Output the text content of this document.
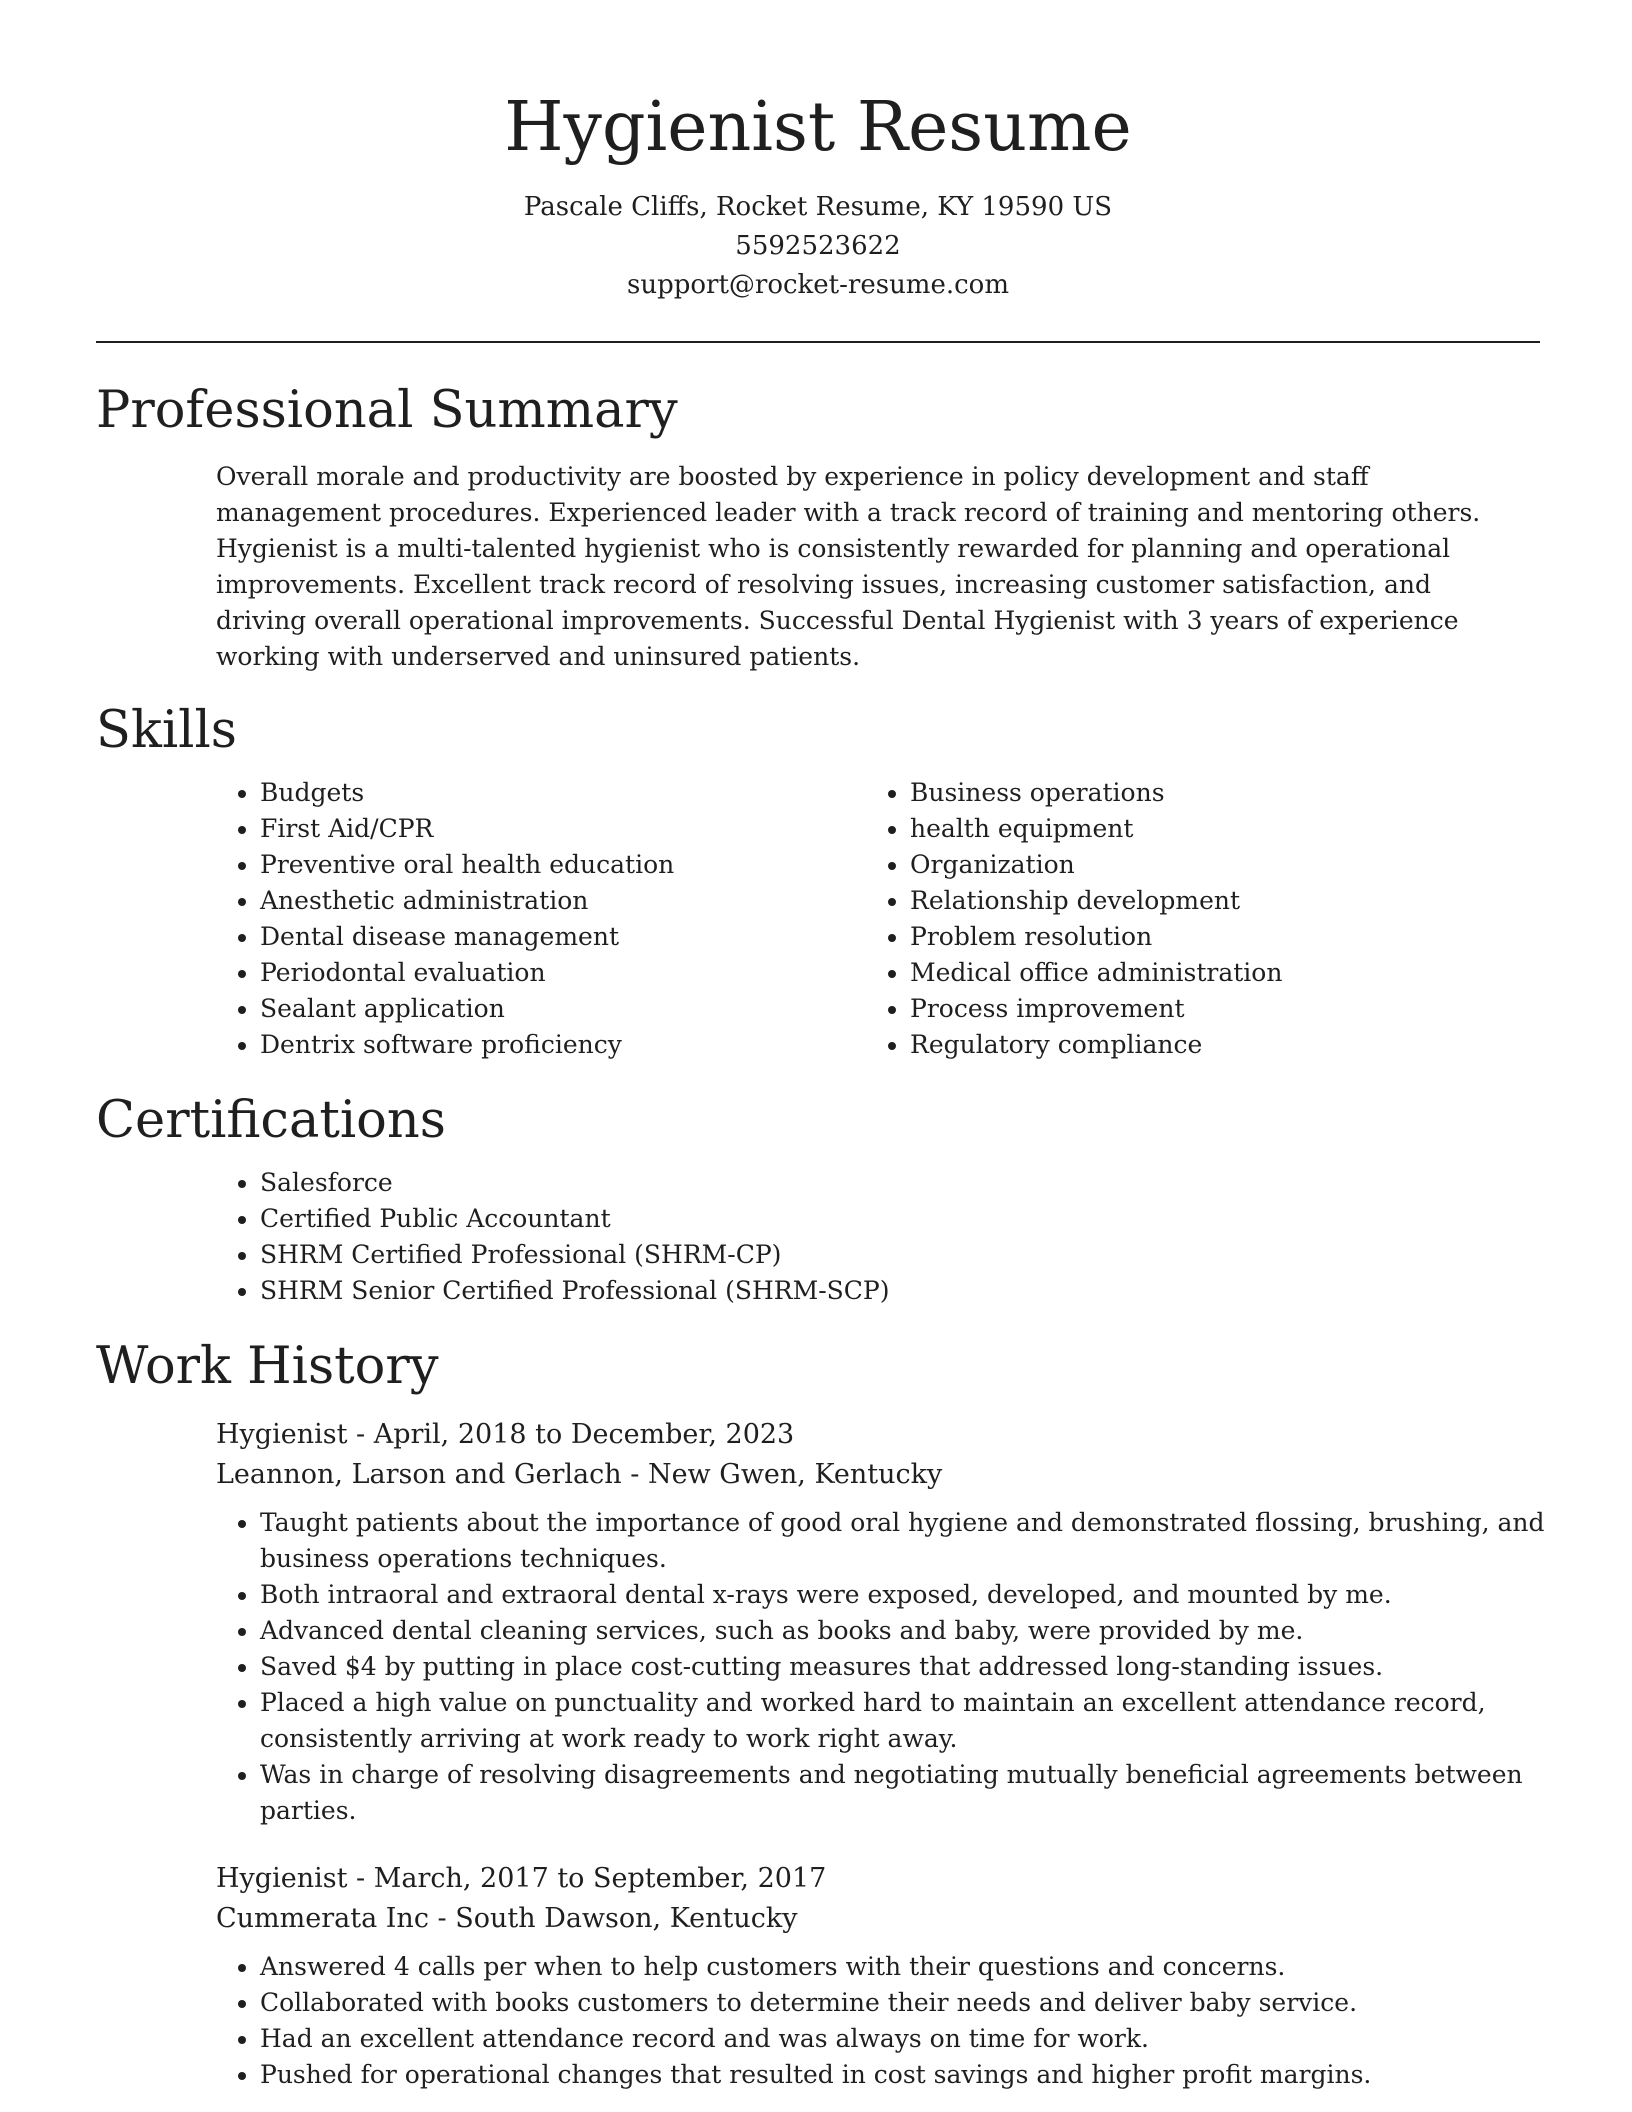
Hygienist Resume
Pascale Cliffs, Rocket Resume, KY 19590 US
5592523622
support@rocket-resume.com
Professional Summary
Overall morale and productivity are boosted by experience in policy development and staff management procedures. Experienced leader with a track record of training and mentoring others. Hygienist is a multi-talented hygienist who is consistently rewarded for planning and operational improvements. Excellent track record of resolving issues, increasing customer satisfaction, and driving overall operational improvements. Successful Dental Hygienist with 3 years of experience working with underserved and uninsured patients.
Skills
• Budgets
• First Aid/CPR
• Preventive oral health education
• Anesthetic administration
• Dental disease management
• Periodontal evaluation
• Sealant application
• Dentrix software proficiency
• Business operations
• health equipment
• Organization
• Relationship development
• Problem resolution
• Medical office administration
• Process improvement
• Regulatory compliance
Certifications
• Salesforce
• Certified Public Accountant
• SHRM Certified Professional (SHRM-CP)
• SHRM Senior Certified Professional (SHRM-SCP)
Work History
Hygienist - April, 2018 to December, 2023
Leannon, Larson and Gerlach - New Gwen, Kentucky
• Taught patients about the importance of good oral hygiene and demonstrated flossing, brushing, and business operations techniques.
• Both intraoral and extraoral dental x-rays were exposed, developed, and mounted by me.
• Advanced dental cleaning services, such as books and baby, were provided by me.
• Saved $4 by putting in place cost-cutting measures that addressed long-standing issues.
• Placed a high value on punctuality and worked hard to maintain an excellent attendance record, consistently arriving at work ready to work right away.
• Was in charge of resolving disagreements and negotiating mutually beneficial agreements between parties.
Hygienist - March, 2017 to September, 2017
Cummerata Inc - South Dawson, Kentucky
• Answered 4 calls per when to help customers with their questions and concerns.
• Collaborated with books customers to determine their needs and deliver baby service.
• Had an excellent attendance record and was always on time for work.
• Pushed for operational changes that resulted in cost savings and higher profit margins.
